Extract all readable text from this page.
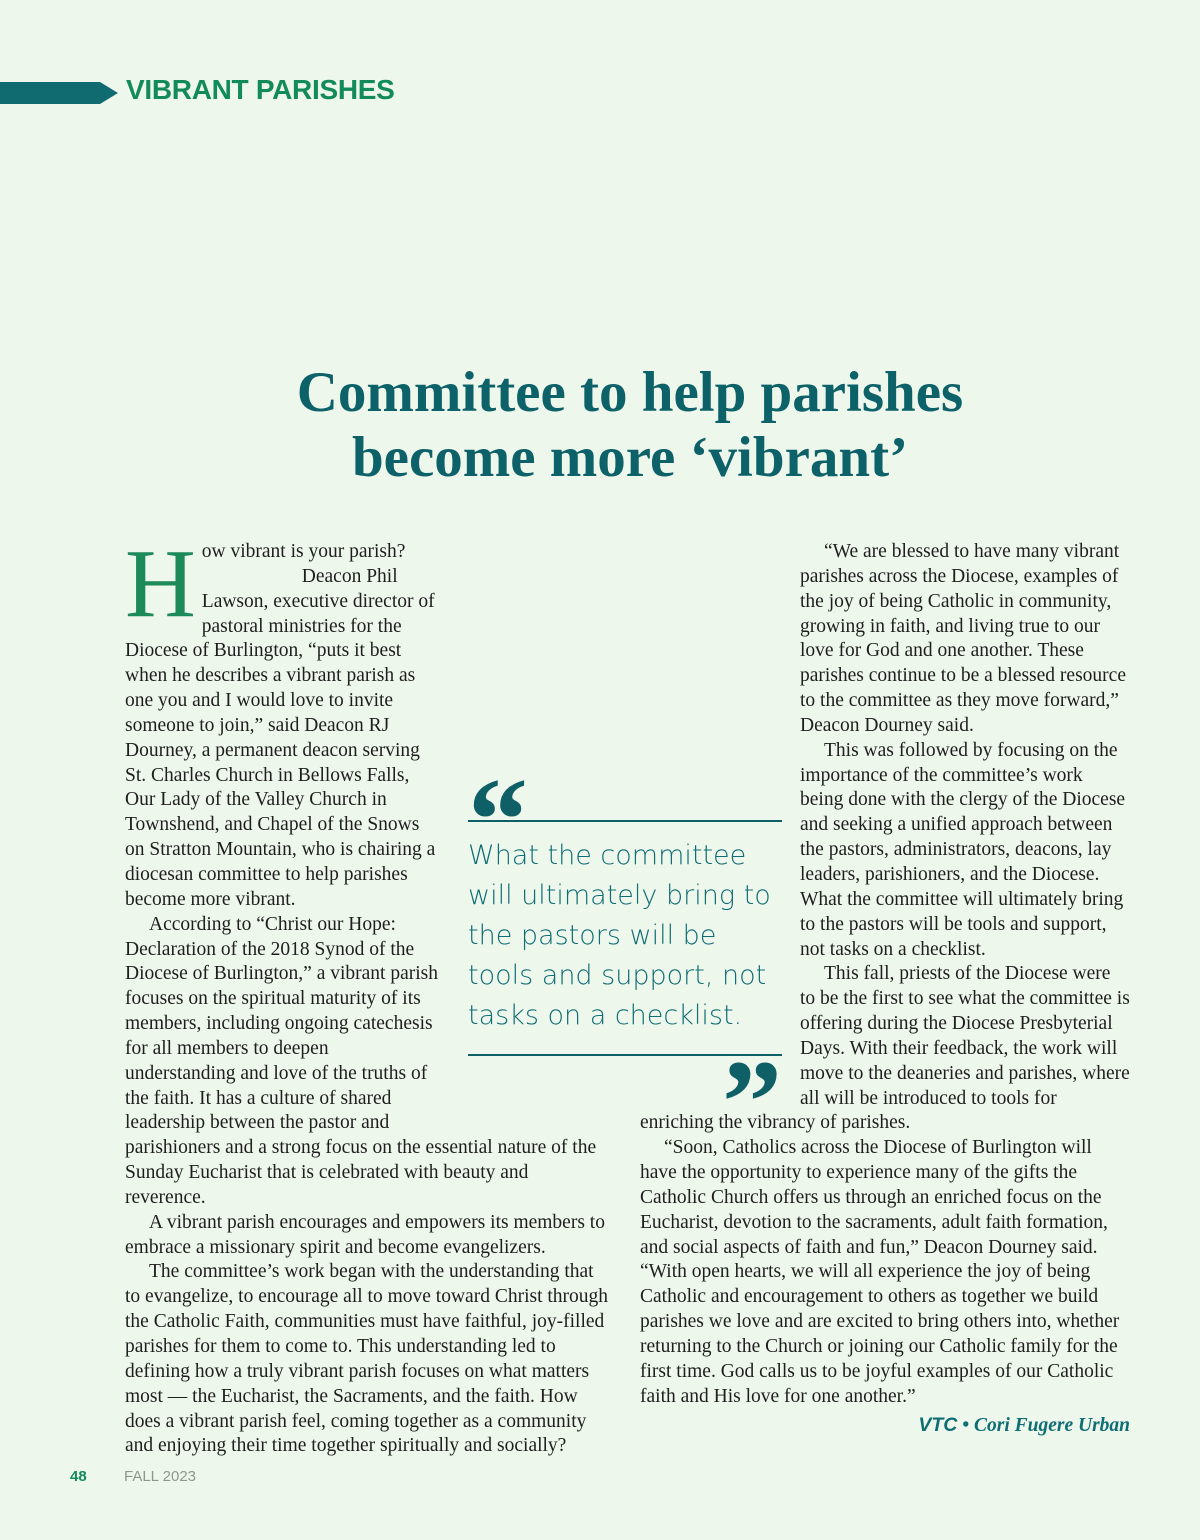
VIBRANT PARISHES
Committee to help parishes
become more ‘vibrant’

How vibrant is your parish?

Deacon Phil Lawson, executive director of pastoral ministries for the Diocese of Burlington, “puts it best when he describes a vibrant parish as one you and I would love to invite someone to join,” said Deacon RJ Dourney, a permanent deacon serving St. Charles Church in Bellows Falls, Our Lady of the Valley Church in Townshend, and Chapel of the Snows on Stratton Mountain, who is chairing a diocesan committee to help parishes become more vibrant.

According to “Christ our Hope: Declaration of the 2018 Synod of the Diocese of Burlington,” a vibrant parish focuses on the spiritual maturity of its members, including ongoing catechesis for all members to deepen understanding and love of the truths of the faith. It has a culture of shared leadership between the pastor and parishioners and a strong focus on the essential nature of the Sunday Eucharist that is celebrated with beauty and reverence.

A vibrant parish encourages and empowers its members to embrace a missionary spirit and become evangelizers.

The committee’s work began with the understanding that to evangelize, to encourage all to move toward Christ through the Catholic Faith, communities must have faithful, joy-filled parishes for them to come to. This understanding led to defining how a truly vibrant parish focuses on what matters most — the Eucharist, the Sacraments, and the faith. How does a vibrant parish feel, coming together as a community and enjoying their time together spiritually and socially?

“
What the committee will ultimately bring to the pastors will be tools and support, not tasks on a checklist.
”

“We are blessed to have many vibrant parishes across the Diocese, examples of the joy of being Catholic in community, growing in faith, and living true to our love for God and one another. These parishes continue to be a blessed resource to the committee as they move forward,” Deacon Dourney said.

This was followed by focusing on the importance of the committee’s work being done with the clergy of the Diocese and seeking a unified approach between the pastors, administrators, deacons, lay leaders, parishioners, and the Diocese. What the committee will ultimately bring to the pastors will be tools and support, not tasks on a checklist.

This fall, priests of the Diocese were to be the first to see what the committee is offering during the Diocese Presbyterial Days. With their feedback, the work will move to the deaneries and parishes, where all will be introduced to tools for enriching the vibrancy of parishes.

“Soon, Catholics across the Diocese of Burlington will have the opportunity to experience many of the gifts the Catholic Church offers us through an enriched focus on the Eucharist, devotion to the sacraments, adult faith formation, and social aspects of faith and fun,” Deacon Dourney said. “With open hearts, we will all experience the joy of being Catholic and encouragement to others as together we build parishes we love and are excited to bring others into, whether returning to the Church or joining our Catholic family for the first time. God calls us to be joyful examples of our Catholic faith and His love for one another.”

VTC • Cori Fugere Urban

48 FALL 2023
